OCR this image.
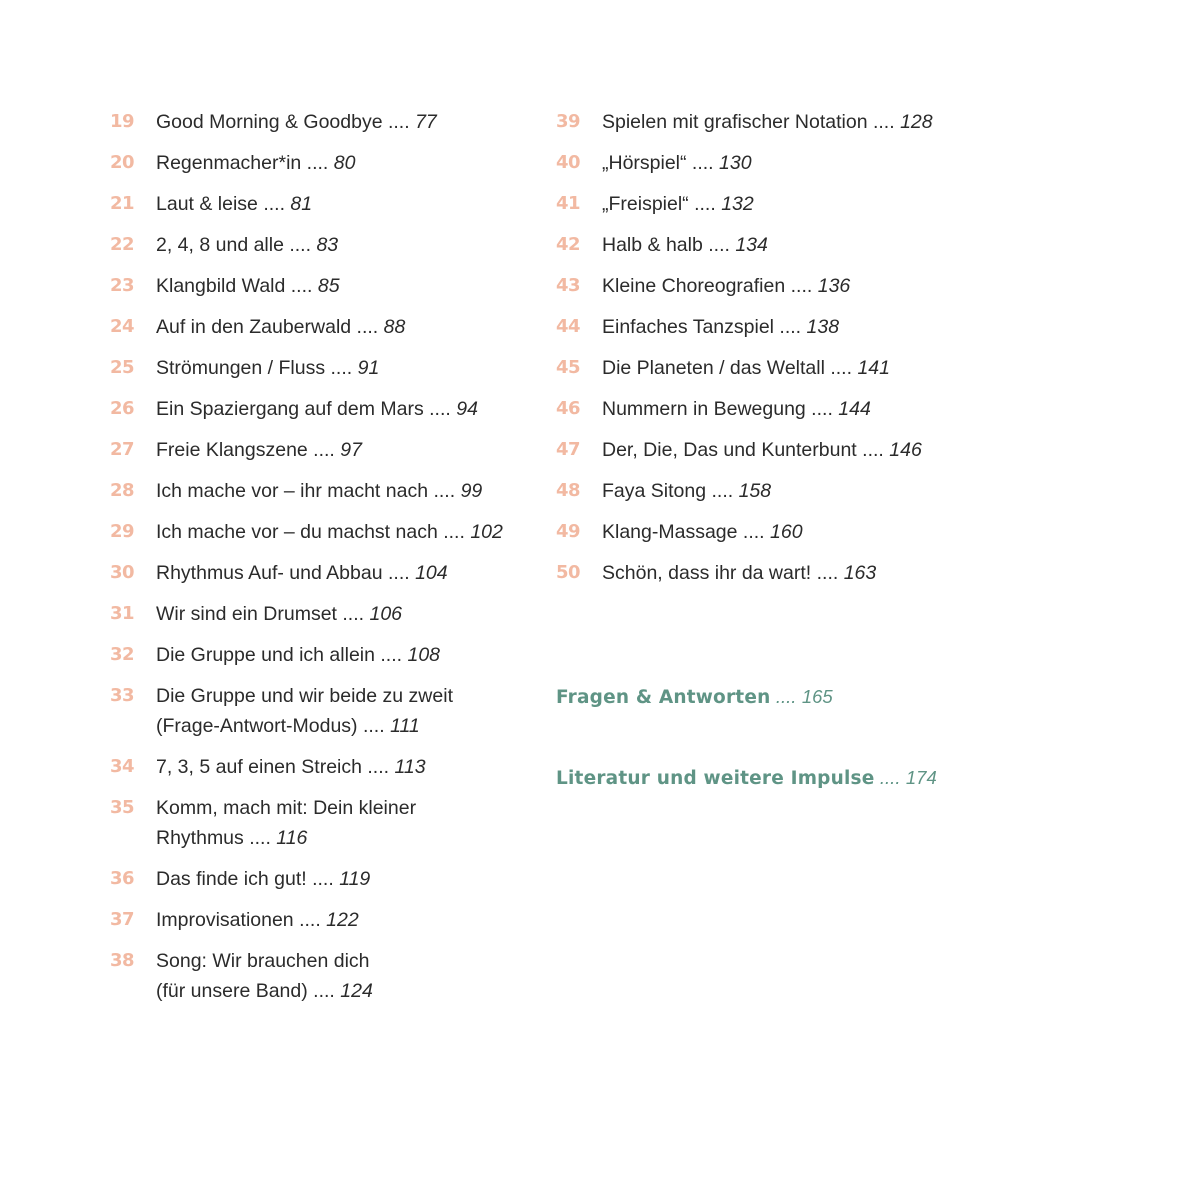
19	Good Morning & Goodbye .... 77
20	Regenmacher*in .... 80
21	Laut & leise .... 81
22	2, 4, 8 und alle .... 83
23	Klangbild Wald .... 85
24	Auf in den Zauberwald .... 88
25	Strömungen / Fluss .... 91
26	Ein Spaziergang auf dem Mars .... 94
27	Freie Klangszene .... 97
28	Ich mache vor – ihr macht nach .... 99
29	Ich mache vor – du machst nach .... 102
30	Rhythmus Auf- und Abbau .... 104
31	Wir sind ein Drumset .... 106
32	Die Gruppe und ich allein .... 108
33	Die Gruppe und wir beide zu zweit
(Frage-Antwort-Modus) .... 111
34	7, 3, 5 auf einen Streich .... 113
35	Komm, mach mit: Dein kleiner
Rhythmus .... 116
36	Das finde ich gut! .... 119
37	Improvisationen .... 122
38	Song: Wir brauchen dich
(für unsere Band) .... 124
39	Spielen mit grafischer Notation .... 128
40	„Hörspiel“ .... 130
41	„Freispiel“ .... 132
42	Halb & halb .... 134
43	Kleine Choreografien .... 136
44	Einfaches Tanzspiel .... 138
45	Die Planeten / das Weltall .... 141
46	Nummern in Bewegung .... 144
47	Der, Die, Das und Kunterbunt .... 146
48	Faya Sitong .... 158
49	Klang-Massage .... 160
50	Schön, dass ihr da wart! .... 163
Fragen & Antworten .... 165
Literatur und weitere Impulse .... 174
